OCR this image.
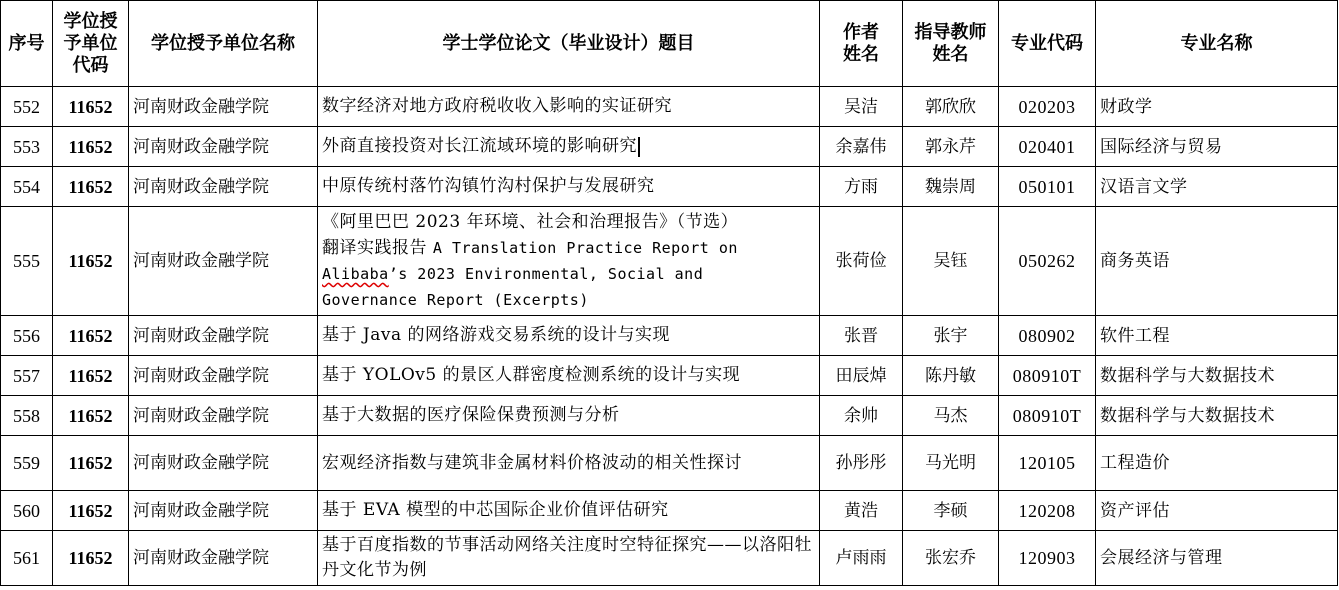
序号	学位授予单位代码	学位授予单位名称	学士学位论文（毕业设计）题目	作者姓名	指导教师姓名	专业代码	专业名称
552	11652	河南财政金融学院	数字经济对地方政府税收收入影响的实证研究	吴洁	郭欣欣	020203	财政学
553	11652	河南财政金融学院	外商直接投资对长江流域环境的影响研究	余嘉伟	郭永芹	020401	国际经济与贸易
554	11652	河南财政金融学院	中原传统村落竹沟镇竹沟村保护与发展研究	方雨	魏崇周	050101	汉语言文学
555	11652	河南财政金融学院	《阿里巴巴 2023 年环境、社会和治理报告》（节选）
翻译实践报告 A Translation Practice Report on
Alibaba’s 2023 Environmental, Social and
Governance Report (Excerpts)	张荷俭	吴钰	050262	商务英语
556	11652	河南财政金融学院	基于 Java 的网络游戏交易系统的设计与实现	张晋	张宇	080902	软件工程
557	11652	河南财政金融学院	基于 YOLOv5 的景区人群密度检测系统的设计与实现	田辰焯	陈丹敏	080910T	数据科学与大数据技术
558	11652	河南财政金融学院	基于大数据的医疗保险保费预测与分析	余帅	马杰	080910T	数据科学与大数据技术
559	11652	河南财政金融学院	宏观经济指数与建筑非金属材料价格波动的相关性探讨	孙彤彤	马光明	120105	工程造价
560	11652	河南财政金融学院	基于 EVA 模型的中芯国际企业价值评估研究	黄浩	李硕	120208	资产评估
561	11652	河南财政金融学院	基于百度指数的节事活动网络关注度时空特征探究——以洛阳牡丹文化节为例	卢雨雨	张宏乔	120903	会展经济与管理
